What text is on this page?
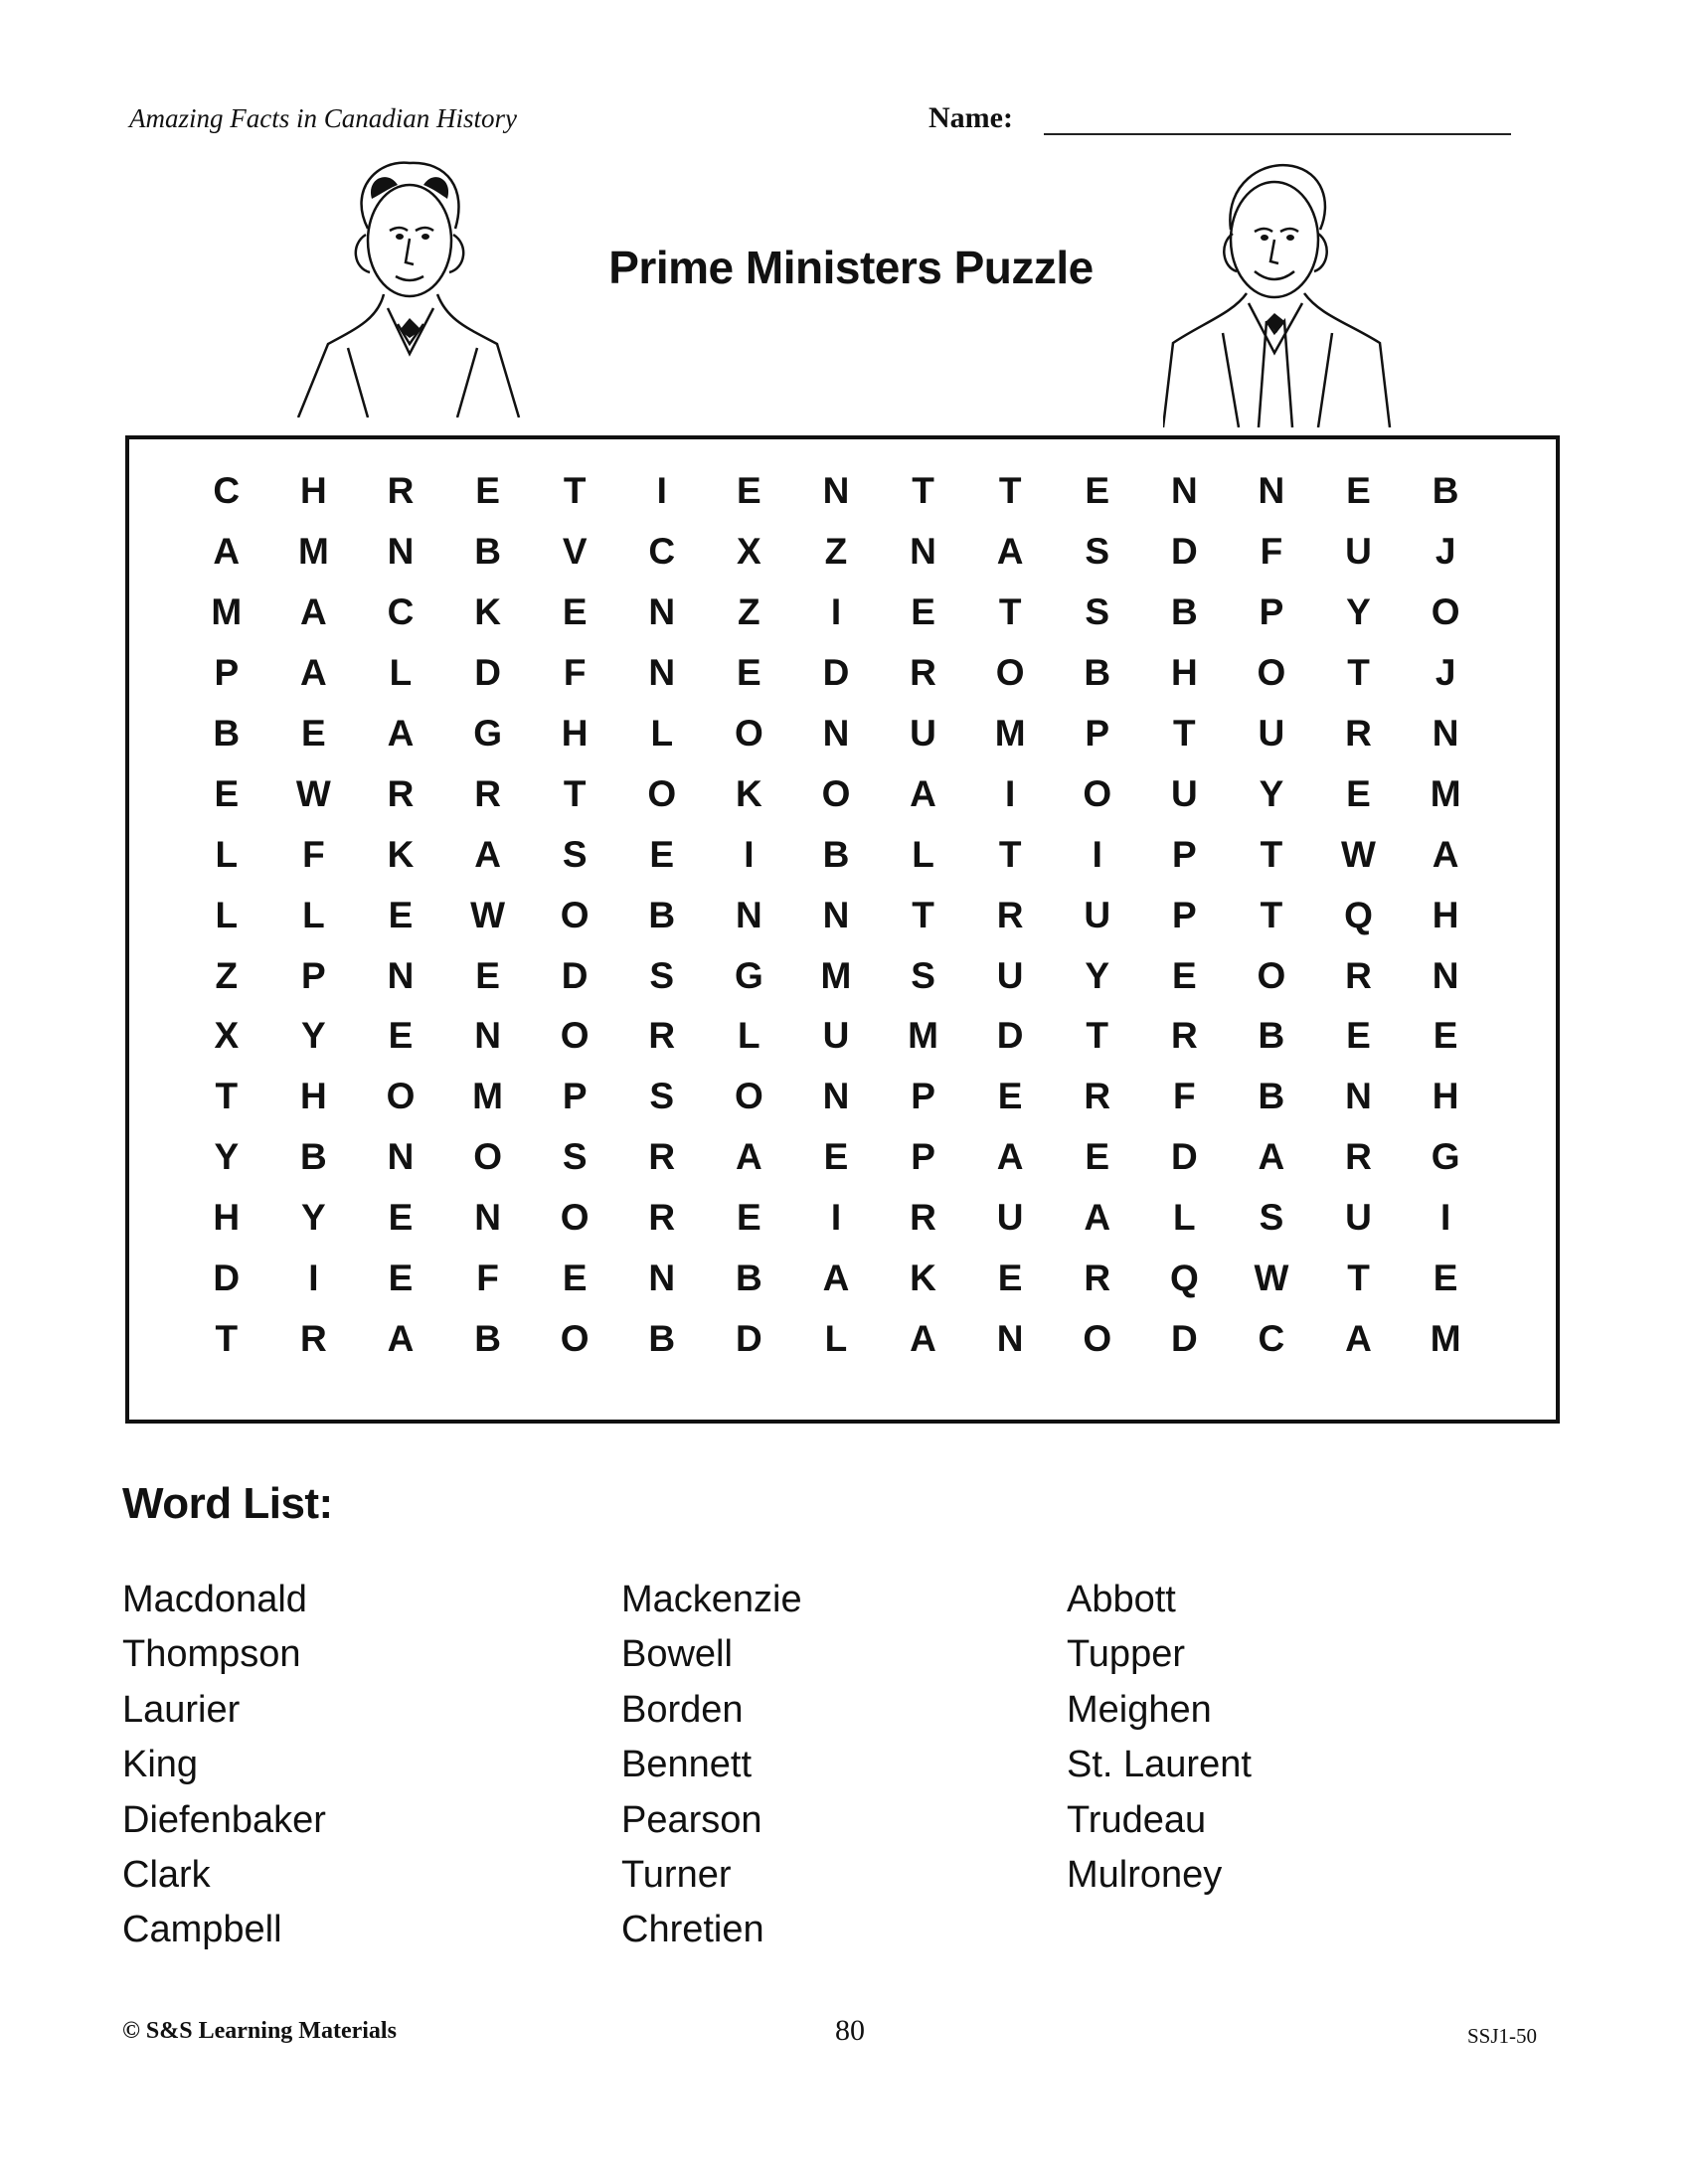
Amazing Facts in Canadian History	Name:
Prime Ministers Puzzle
C	H	R	E	T	I	E	N	T	T	E	N	N	E	B
A	M	N	B	V	C	X	Z	N	A	S	D	F	U	J
M	A	C	K	E	N	Z	I	E	T	S	B	P	Y	O
P	A	L	D	F	N	E	D	R	O	B	H	O	T	J
B	E	A	G	H	L	O	N	U	M	P	T	U	R	N
E	W	R	R	T	O	K	O	A	I	O	U	Y	E	M
L	F	K	A	S	E	I	B	L	T	I	P	T	W	A
L	L	E	W	O	B	N	N	T	R	U	P	T	Q	H
Z	P	N	E	D	S	G	M	S	U	Y	E	O	R	N
X	Y	E	N	O	R	L	U	M	D	T	R	B	E	E
T	H	O	M	P	S	O	N	P	E	R	F	B	N	H
Y	B	N	O	S	R	A	E	P	A	E	D	A	R	G
H	Y	E	N	O	R	E	I	R	U	A	L	S	U	I
D	I	E	F	E	N	B	A	K	E	R	Q	W	T	E
T	R	A	B	O	B	D	L	A	N	O	D	C	A	M
Word List:
Macdonald
Thompson
Laurier
King
Diefenbaker
Clark
Campbell
Mackenzie
Bowell
Borden
Bennett
Pearson
Turner
Chretien
Abbott
Tupper
Meighen
St. Laurent
Trudeau
Mulroney
© S&S Learning Materials	80	SSJ1-50
